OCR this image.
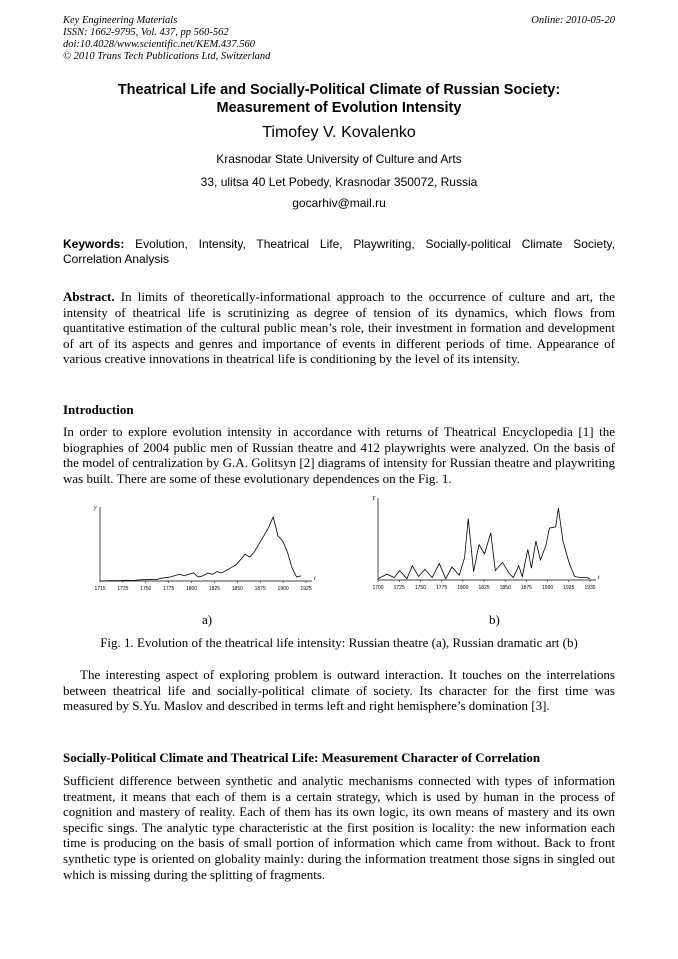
Key Engineering Materials
ISSN: 1662-9795, Vol. 437, pp 560-562
doi:10.4028/www.scientific.net/KEM.437.560
© 2010 Trans Tech Publications Ltd, Switzerland
Online: 2010-05-20
Theatrical Life and Socially-Political Climate of Russian Society:
Measurement of Evolution Intensity
Timofey V. Kovalenko
Krasnodar State University of Culture and Arts
33, ulitsa 40 Let Pobedy, Krasnodar 350072, Russia
gocarhiv@mail.ru
Keywords: Evolution, Intensity, Theatrical Life, Playwriting, Socially-political Climate Society, Correlation Analysis
Abstract. In limits of theoretically-informational approach to the occurrence of culture and art, the intensity of theatrical life is scrutinizing as degree of tension of its dynamics, which flows from quantitative estimation of the cultural public mean’s role, their investment in formation and development of art of its aspects and genres and importance of events in different periods of time. Appearance of various creative innovations in theatrical life is conditioning by the level of its intensity.
Introduction
In order to explore evolution intensity in accordance with returns of Theatrical Encyclopedia [1] the biographies of 2004 public men of Russian theatre and 412 playwrights were analyzed. On the basis of the model of centralization by G.A. Golitsyn [2] diagrams of intensity for Russian theatre and playwriting was built. There are some of these evolutionary dependences on the Fig. 1.
y
t
1715 1725 1750 1775 1800 1825 1850 1875 1900 1925
Y
t
1700 1725 1750 1775 1800 1825 1850 1875 1900 1925 1935
a)	b)
Fig. 1. Evolution of the theatrical life intensity: Russian theatre (a), Russian dramatic art (b)
The interesting aspect of exploring problem is outward interaction. It touches on the interrelations between theatrical life and socially-political climate of society. Its character for the first time was measured by S.Yu. Maslov and described in terms left and right hemisphere’s domination [3].
Socially-Political Climate and Theatrical Life: Measurement Character of Correlation
Sufficient difference between synthetic and analytic mechanisms connected with types of information treatment, it means that each of them is a certain strategy, which is used by human in the process of cognition and mastery of reality. Each of them has its own logic, its own means of mastery and its own specific sings. The analytic type characteristic at the first position is locality: the new information each time is producing on the basis of small portion of information which came from without. Back to front synthetic type is oriented on globality mainly: during the information treatment those signs in singled out which is missing during the splitting of fragments.
